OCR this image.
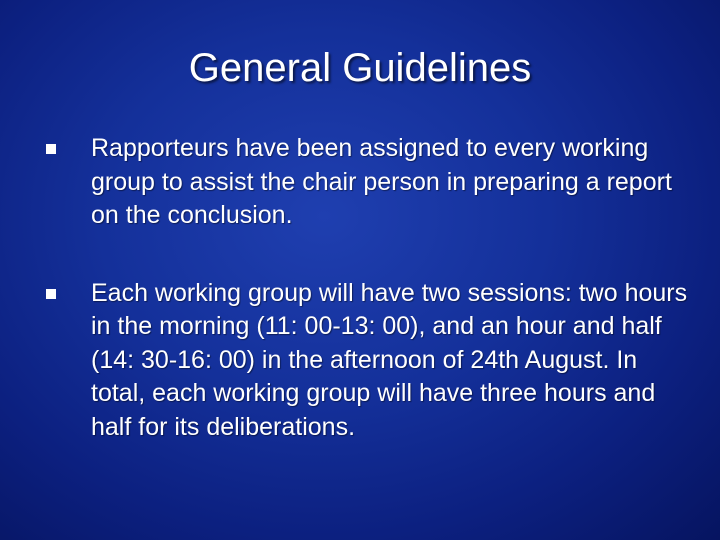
General Guidelines
Rapporteurs have been assigned to every working group to assist the chair person in preparing a report on the conclusion.
Each working group will have two sessions: two hours in the morning (11: 00-13: 00), and an hour and half (14: 30-16: 00) in the afternoon of 24th August. In total, each working group will have three hours and half for its deliberations.
